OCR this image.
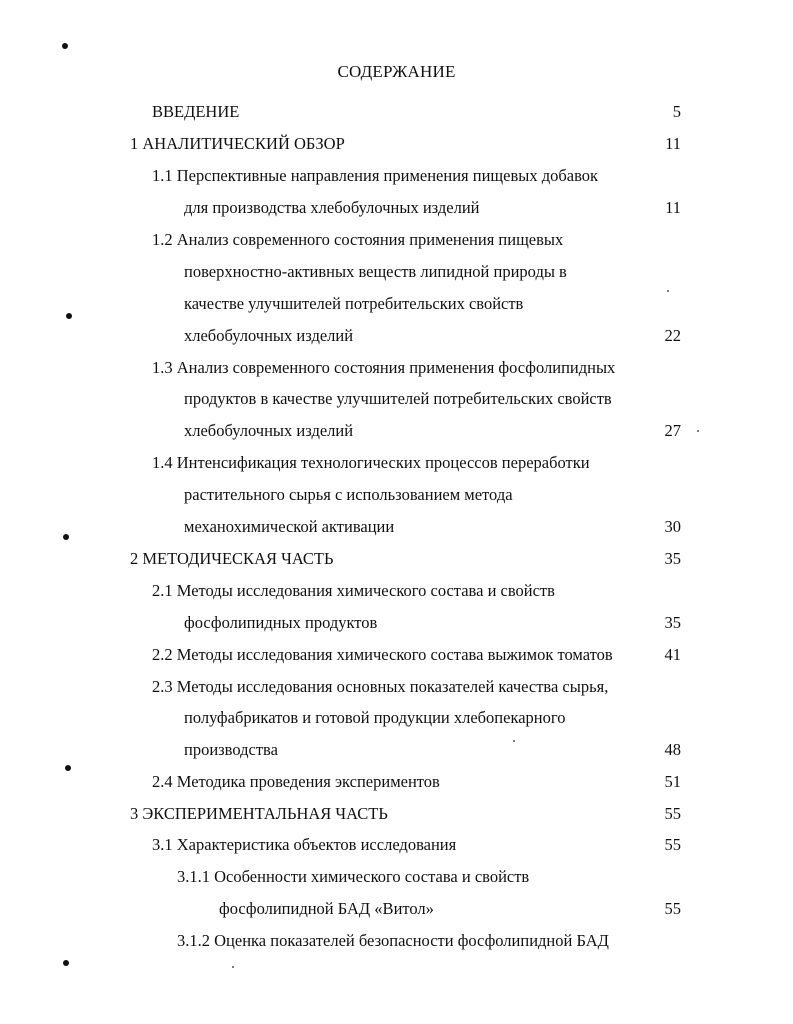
СОДЕРЖАНИЕ
ВВЕДЕНИЕ	5
1 АНАЛИТИЧЕСКИЙ ОБЗОР	11
1.1 Перспективные направления применения пищевых добавок
для производства хлебобулочных изделий	11
1.2 Анализ современного состояния применения пищевых
поверхностно-активных веществ липидной природы в
качестве улучшителей потребительских свойств
хлебобулочных изделий	22
1.3 Анализ современного состояния применения фосфолипидных
продуктов в качестве улучшителей потребительских свойств
хлебобулочных изделий	27
1.4 Интенсификация технологических процессов переработки
растительного сырья с использованием метода
механохимической активации	30
2 МЕТОДИЧЕСКАЯ ЧАСТЬ	35
2.1 Методы исследования химического состава и свойств
фосфолипидных продуктов	35
2.2 Методы исследования химического состава выжимок томатов	41
2.3 Методы исследования основных показателей качества сырья,
полуфабрикатов и готовой продукции хлебопекарного
производства	48
2.4 Методика проведения экспериментов	51
3 ЭКСПЕРИМЕНТАЛЬНАЯ ЧАСТЬ	55
3.1 Характеристика объектов исследования	55
3.1.1 Особенности химического состава и свойств
фосфолипидной БАД «Витол»	55
3.1.2 Оценка показателей безопасности фосфолипидной БАД
